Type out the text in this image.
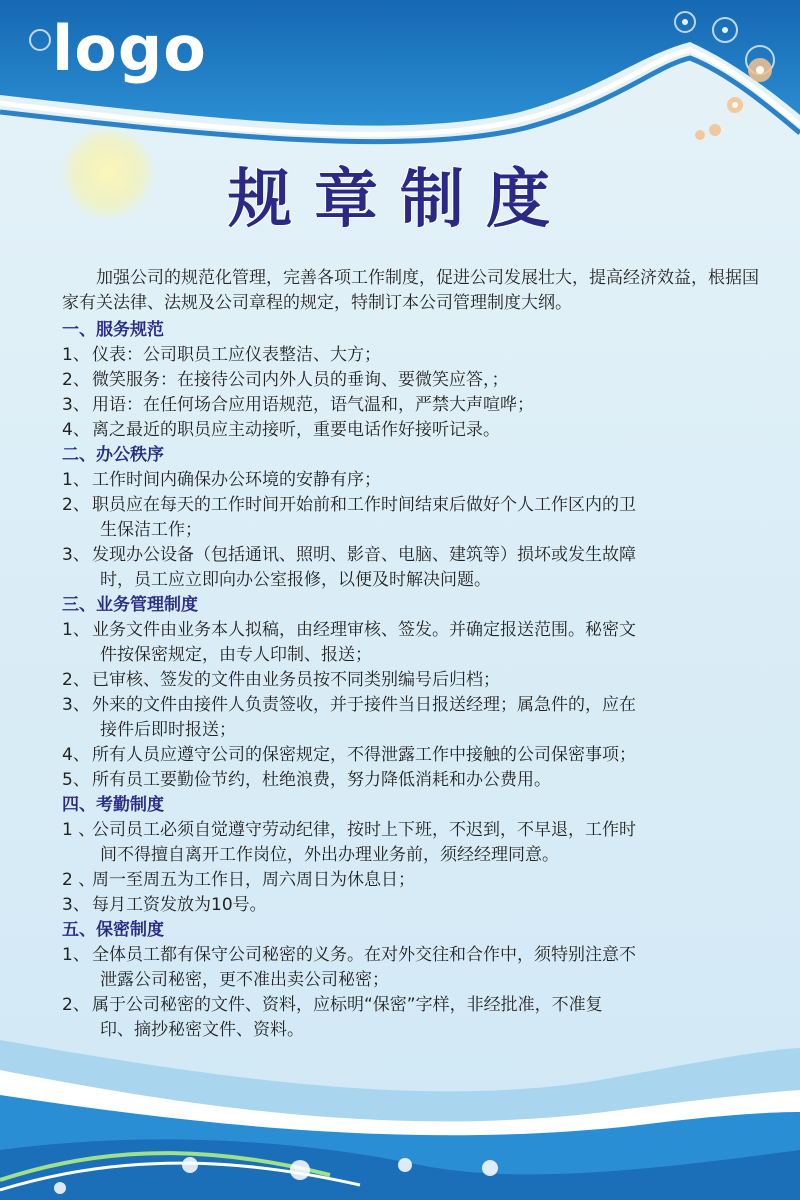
logo
规章制度

加强公司的规范化管理，完善各项工作制度，促进公司发展壮大，提高经济效益，根据国家有关法律、法规及公司章程的规定，特制订本公司管理制度大纲。

一、服务规范

1、 仪表：公司职员工应仪表整洁、大方；
2、 微笑服务：在接待公司内外人员的垂询、要微笑应答，；
3、 用语：在任何场合应用语规范，语气温和，严禁大声喧哗；
4、 离之最近的职员应主动接听，重要电话作好接听记录。

二、办公秩序

1、 工作时间内确保办公环境的安静有序；
2、 职员应在每天的工作时间开始前和工作时间结束后做好个人工作区内的卫
生保洁工作；
3、 发现办公设备（包括通讯、照明、影音、电脑、建筑等）损坏或发生故障
时，员工应立即向办公室报修，以便及时解决问题。

三、业务管理制度

1、 业务文件由业务本人拟稿，由经理审核、签发。并确定报送范围。秘密文
件按保密规定，由专人印制、报送；
2、 已审核、签发的文件由业务员按不同类别编号后归档；
3、 外来的文件由接件人负责签收，并于接件当日报送经理；属急件的，应在
接件后即时报送；
4、 所有人员应遵守公司的保密规定，不得泄露工作中接触的公司保密事项；
5、 所有员工要勤俭节约，杜绝浪费，努力降低消耗和办公费用。

四、考勤制度

1 、
公司员工必须自觉遵守劳动纪律，按时上下班，不迟到，不早退，工作时
间不得擅自离开工作岗位，外出办理业务前，须经经理同意。
2 、
周一至周五为工作日，周六周日为休息日；
3、 每月工资发放为10号。

五、保密制度

1、 全体员工都有保守公司秘密的义务。在对外交往和合作中，须特别注意不
泄露公司秘密，更不准出卖公司秘密；
2、 属于公司秘密的文件、资料，应标明“保密”字样，非经批准，不准复
印、摘抄秘密文件、资料。
